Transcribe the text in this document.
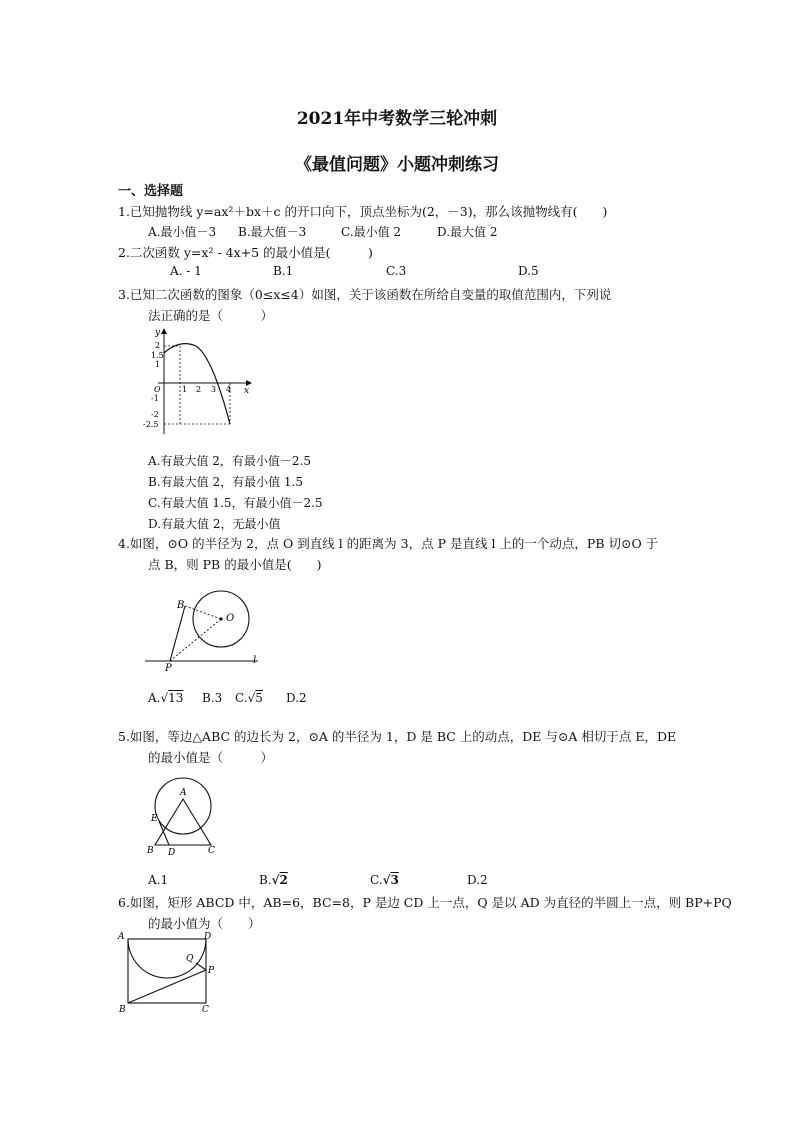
2021年中考数学三轮冲刺
《最值问题》小题冲刺练习
一、选择题
1.已知抛物线 y=ax²＋bx＋c 的开口向下，顶点坐标为(2，－3)，那么该抛物线有(　　)
A.最小值－3 B.最大值－3	C.最小值 2	D.最大值 2
2.二次函数 y=x² - 4x+5 的最小值是(　　　)
A. - 1	B.1	C.3	D.5
3.已知二次函数的图象（0≤x≤4）如图，关于该函数在所给自变量的取值范围内，下列说
法正确的是（　　　）
y
x
O
2
1.5
1
-1
-2
-2.5
1 2 3 4
A.有最大值 2，有最小值－2.5
B.有最大值 2，有最小值 1.5
C.有最大值 1.5，有最小值－2.5
D.有最大值 2，无最小值
4.如图，⊙O 的半径为 2，点 O 到直线 l 的距离为 3，点 P 是直线 l 上的一个动点，PB 切⊙O 于
点 B，则 PB 的最小值是(　　)
B
O
P
l
A.√13 B.3 C.√5 D.2
5.如图，等边△ABC 的边长为 2，⊙A 的半径为 1，D 是 BC 上的动点，DE 与⊙A 相切于点 E，DE
的最小值是（　　　）
A
E
B D	C
A.1	B.√2	C.√3	D.2
6.如图，矩形 ABCD 中，AB=6，BC=8，P 是边 CD 上一点，Q 是以 AD 为直径的半圆上一点，则 BP+PQ
的最小值为（　　）
A	D
Q
P
B	C
